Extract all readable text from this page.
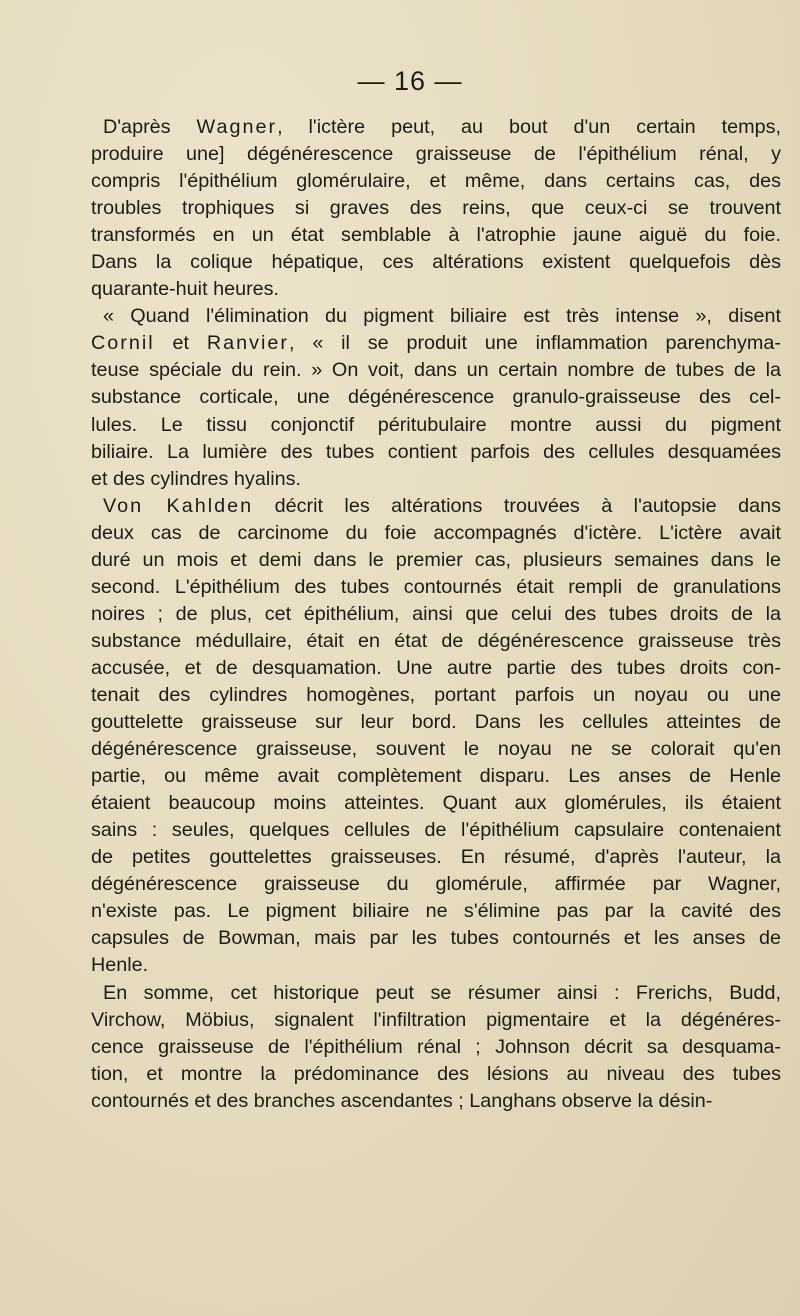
— 16 —
D'après Wagner, l'ictère peut, au bout d'un certain temps,
produire une] dégénérescence graisseuse de l'épithélium rénal, y
compris l'épithélium glomérulaire, et même, dans certains cas, des
troubles trophiques si graves des reins, que ceux-ci se trouvent
transformés en un état semblable à l'atrophie jaune aiguë du foie.
Dans la colique hépatique, ces altérations existent quelquefois dès
quarante-huit heures.
« Quand l'élimination du pigment biliaire est très intense », disent
Cornil et Ranvier, « il se produit une inflammation parenchyma-
teuse spéciale du rein. » On voit, dans un certain nombre de tubes de la
substance corticale, une dégénérescence granulo-graisseuse des cel-
lules. Le tissu conjonctif péritubulaire montre aussi du pigment
biliaire. La lumière des tubes contient parfois des cellules desquamées
et des cylindres hyalins.
Von Kahlden décrit les altérations trouvées à l'autopsie dans
deux cas de carcinome du foie accompagnés d'ictère. L'ictère avait
duré un mois et demi dans le premier cas, plusieurs semaines dans le
second. L'épithélium des tubes contournés était rempli de granulations
noires ; de plus, cet épithélium, ainsi que celui des tubes droits de la
substance médullaire, était en état de dégénérescence graisseuse très
accusée, et de desquamation. Une autre partie des tubes droits con-
tenait des cylindres homogènes, portant parfois un noyau ou une
gouttelette graisseuse sur leur bord. Dans les cellules atteintes de
dégénérescence graisseuse, souvent le noyau ne se colorait qu'en
partie, ou même avait complètement disparu. Les anses de Henle
étaient beaucoup moins atteintes. Quant aux glomérules, ils étaient
sains : seules, quelques cellules de l'épithélium capsulaire contenaient
de petites gouttelettes graisseuses. En résumé, d'après l'auteur, la
dégénérescence graisseuse du glomérule, affirmée par Wagner,
n'existe pas. Le pigment biliaire ne s'élimine pas par la cavité des
capsules de Bowman, mais par les tubes contournés et les anses de
Henle.
En somme, cet historique peut se résumer ainsi : Frerichs, Budd,
Virchow, Möbius, signalent l'infiltration pigmentaire et la dégénéres-
cence graisseuse de l'épithélium rénal ; Johnson décrit sa desquama-
tion, et montre la prédominance des lésions au niveau des tubes
contournés et des branches ascendantes ; Langhans observe la désin-
